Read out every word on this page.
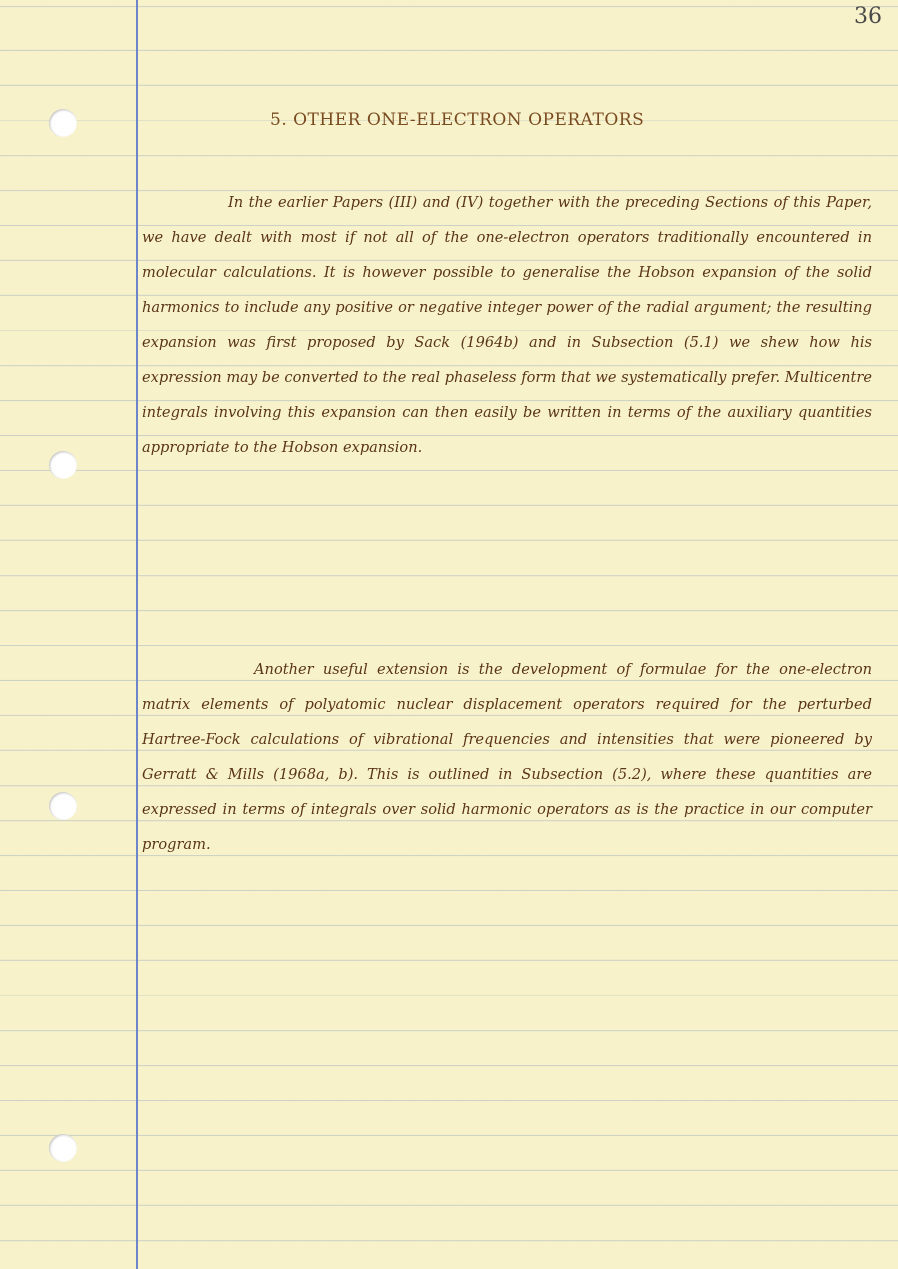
36
5. OTHER ONE-ELECTRON OPERATORS

In the earlier Papers (III) and (IV) together with the preceding Sections of this Paper, we have dealt with most if not all of the one-electron operators traditionally encountered in molecular calculations. It is however possible to generalise the Hobson expansion of the solid harmonics to include any positive or negative integer power of the radial argument; the resulting expansion was first proposed by Sack (1964b) and in Subsection (5.1) we shew how his expression may be converted to the real phaseless form that we systematically prefer. Multicentre integrals involving this expansion can then easily be written in terms of the auxiliary quantities appropriate to the Hobson expansion.

Another useful extension is the development of formulae for the one-electron matrix elements of polyatomic nuclear displacement operators required for the perturbed Hartree-Fock calculations of vibrational frequencies and intensities that were pioneered by Gerratt & Mills (1968a, b). This is outlined in Subsection (5.2), where these quantities are expressed in terms of integrals over solid harmonic operators as is the practice in our computer program.
